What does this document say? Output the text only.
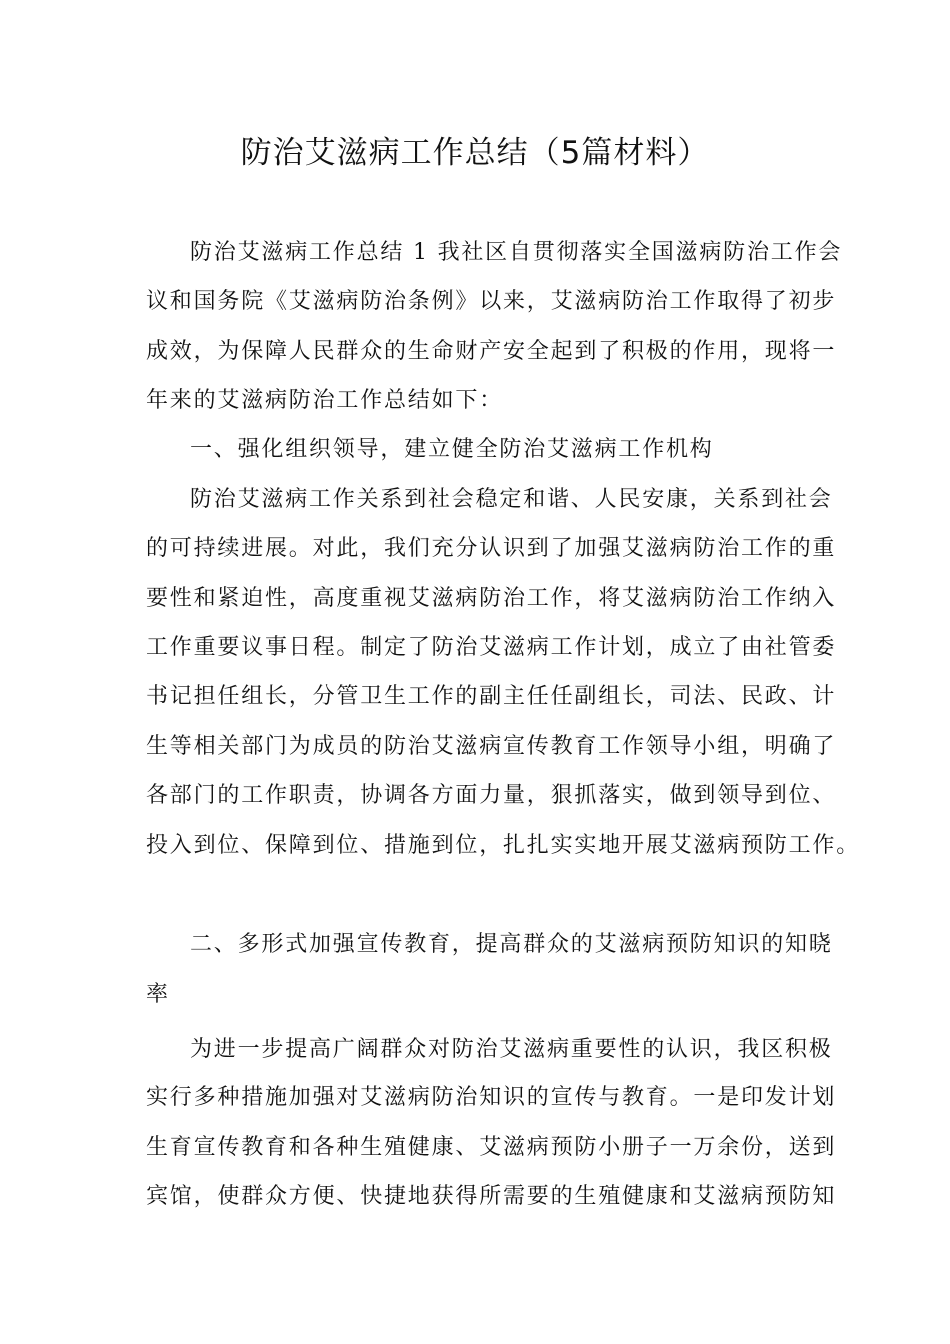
防治艾滋病工作总结（5篇材料）

防治艾滋病工作总结 1 我社区自贯彻落实全国滋病防治工作会

议和国务院《艾滋病防治条例》以来，艾滋病防治工作取得了初步

成效，为保障人民群众的生命财产安全起到了积极的作用，现将一

年来的艾滋病防治工作总结如下：

一、强化组织领导，建立健全防治艾滋病工作机构

防治艾滋病工作关系到社会稳定和谐、人民安康，关系到社会

的可持续进展。对此，我们充分认识到了加强艾滋病防治工作的重

要性和紧迫性，高度重视艾滋病防治工作，将艾滋病防治工作纳入

工作重要议事日程。制定了防治艾滋病工作计划，成立了由社管委

书记担任组长，分管卫生工作的副主任任副组长，司法、民政、计

生等相关部门为成员的防治艾滋病宣传教育工作领导小组，明确了

各部门的工作职责，协调各方面力量，狠抓落实，做到领导到位、

投入到位、保障到位、措施到位，扎扎实实地开展艾滋病预防工作。

二、多形式加强宣传教育，提高群众的艾滋病预防知识的知晓

率

为进一步提高广阔群众对防治艾滋病重要性的认识，我区积极

实行多种措施加强对艾滋病防治知识的宣传与教育。一是印发计划

生育宣传教育和各种生殖健康、艾滋病预防小册子一万余份，送到

宾馆，使群众方便、快捷地获得所需要的生殖健康和艾滋病预防知
